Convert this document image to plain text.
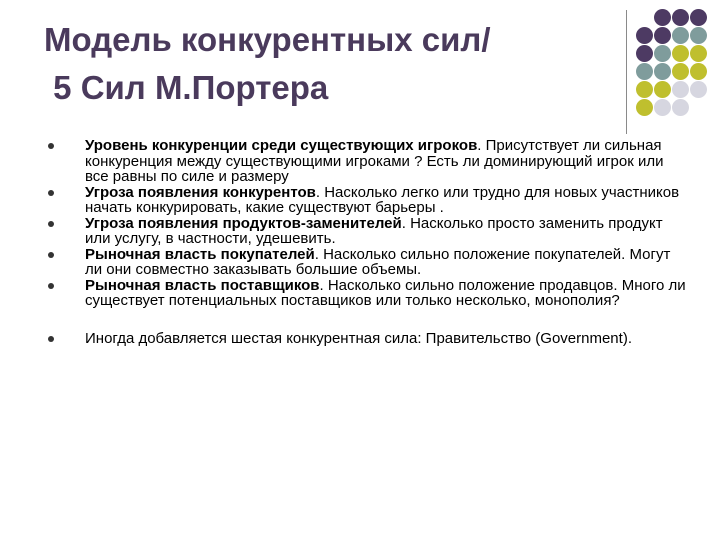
Модель конкурентных сил/
5 Сил М.Портера
Уровень конкуренции среди существующих игроков. Присутствует ли сильная конкуренция между существующими игроками ? Есть ли доминирующий игрок или все равны по силе и размеру
Угроза появления конкурентов. Насколько легко или трудно для новых участников начать конкурировать, какие существуют барьеры .
Угроза появления продуктов-заменителей. Насколько просто заменить продукт или услугу, в частности, удешевить.
Рыночная власть покупателей. Насколько сильно положение покупателей. Могут ли они совместно заказывать большие объемы.
Рыночная власть поставщиков. Насколько сильно положение продавцов. Много ли существует потенциальных поставщиков или только несколько, монополия?
Иногда добавляется шестая конкурентная сила: Правительство (Government).
